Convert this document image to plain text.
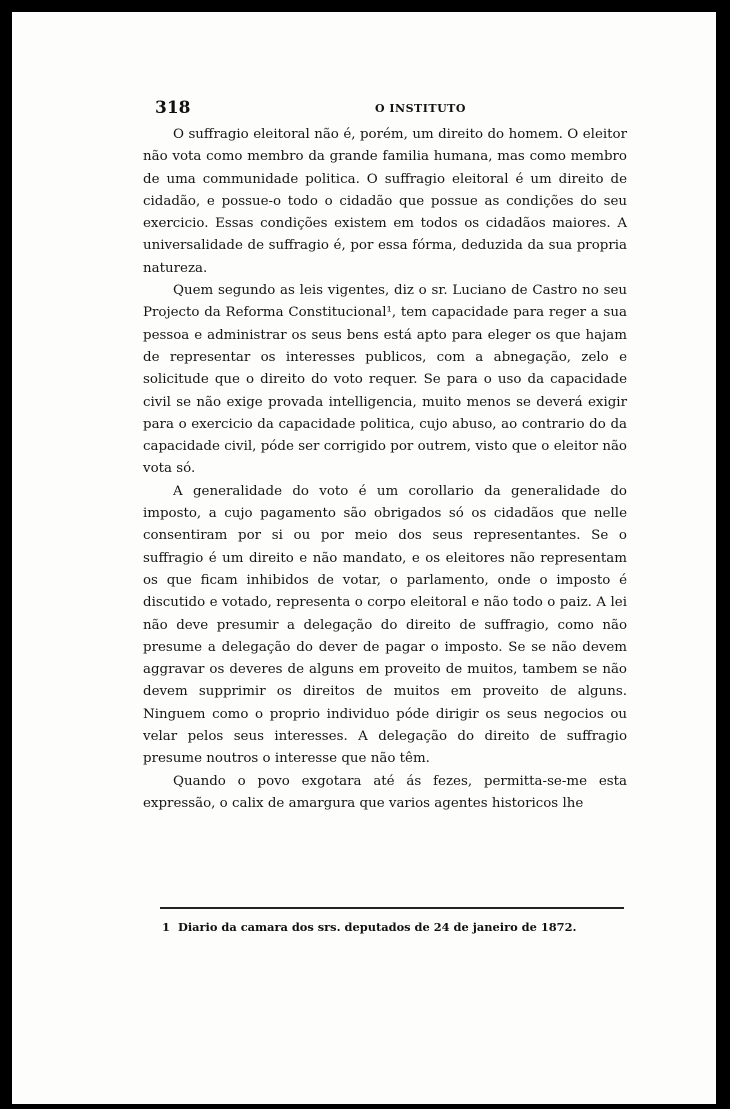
318	O INSTITUTO

O suffragio eleitoral não é, porém, um direito do homem. O eleitor não vota como membro da grande familia humana, mas como membro de uma communidade politica. O suffragio eleitoral é um direito de cidadão, e possue-o todo o cidadão que possue as condições do seu exercicio. Essas condições existem em todos os cidadãos maiores. A universalidade de suffragio é, por essa fórma, deduzida da sua propria natureza.

Quem segundo as leis vigentes, diz o sr. Luciano de Castro no seu Projecto da Reforma Constitucional¹, tem capacidade para reger a sua pessoa e administrar os seus bens está apto para eleger os que hajam de representar os interesses publicos, com a abnegação, zelo e solicitude que o direito do voto requer. Se para o uso da capacidade civil se não exige provada intelligencia, muito menos se deverá exigir para o exercicio da capacidade politica, cujo abuso, ao contrario do da capacidade civil, póde ser corrigido por outrem, visto que o eleitor não vota só.

A generalidade do voto é um corollario da generalidade do imposto, a cujo pagamento são obrigados só os cidadãos que nelle consentiram por si ou por meio dos seus representantes. Se o suffragio é um direito e não mandato, e os eleitores não representam os que ficam inhibidos de votar, o parlamento, onde o imposto é discutido e votado, representa o corpo eleitoral e não todo o paiz. A lei não deve presumir a delegação do direito de suffragio, como não presume a delegação do dever de pagar o imposto. Se se não devem aggravar os deveres de alguns em proveito de muitos, tambem se não devem supprimir os direitos de muitos em proveito de alguns. Ninguem como o proprio individuo póde dirigir os seus negocios ou velar pelos seus interesses. A delegação do direito de suffragio presume noutros o interesse que não têm.

Quando o povo exgotara até ás fezes, permitta-se-me esta expressão, o calix de amargura que varios agentes historicos lhe

1 Diario da camara dos srs. deputados de 24 de janeiro de 1872.
